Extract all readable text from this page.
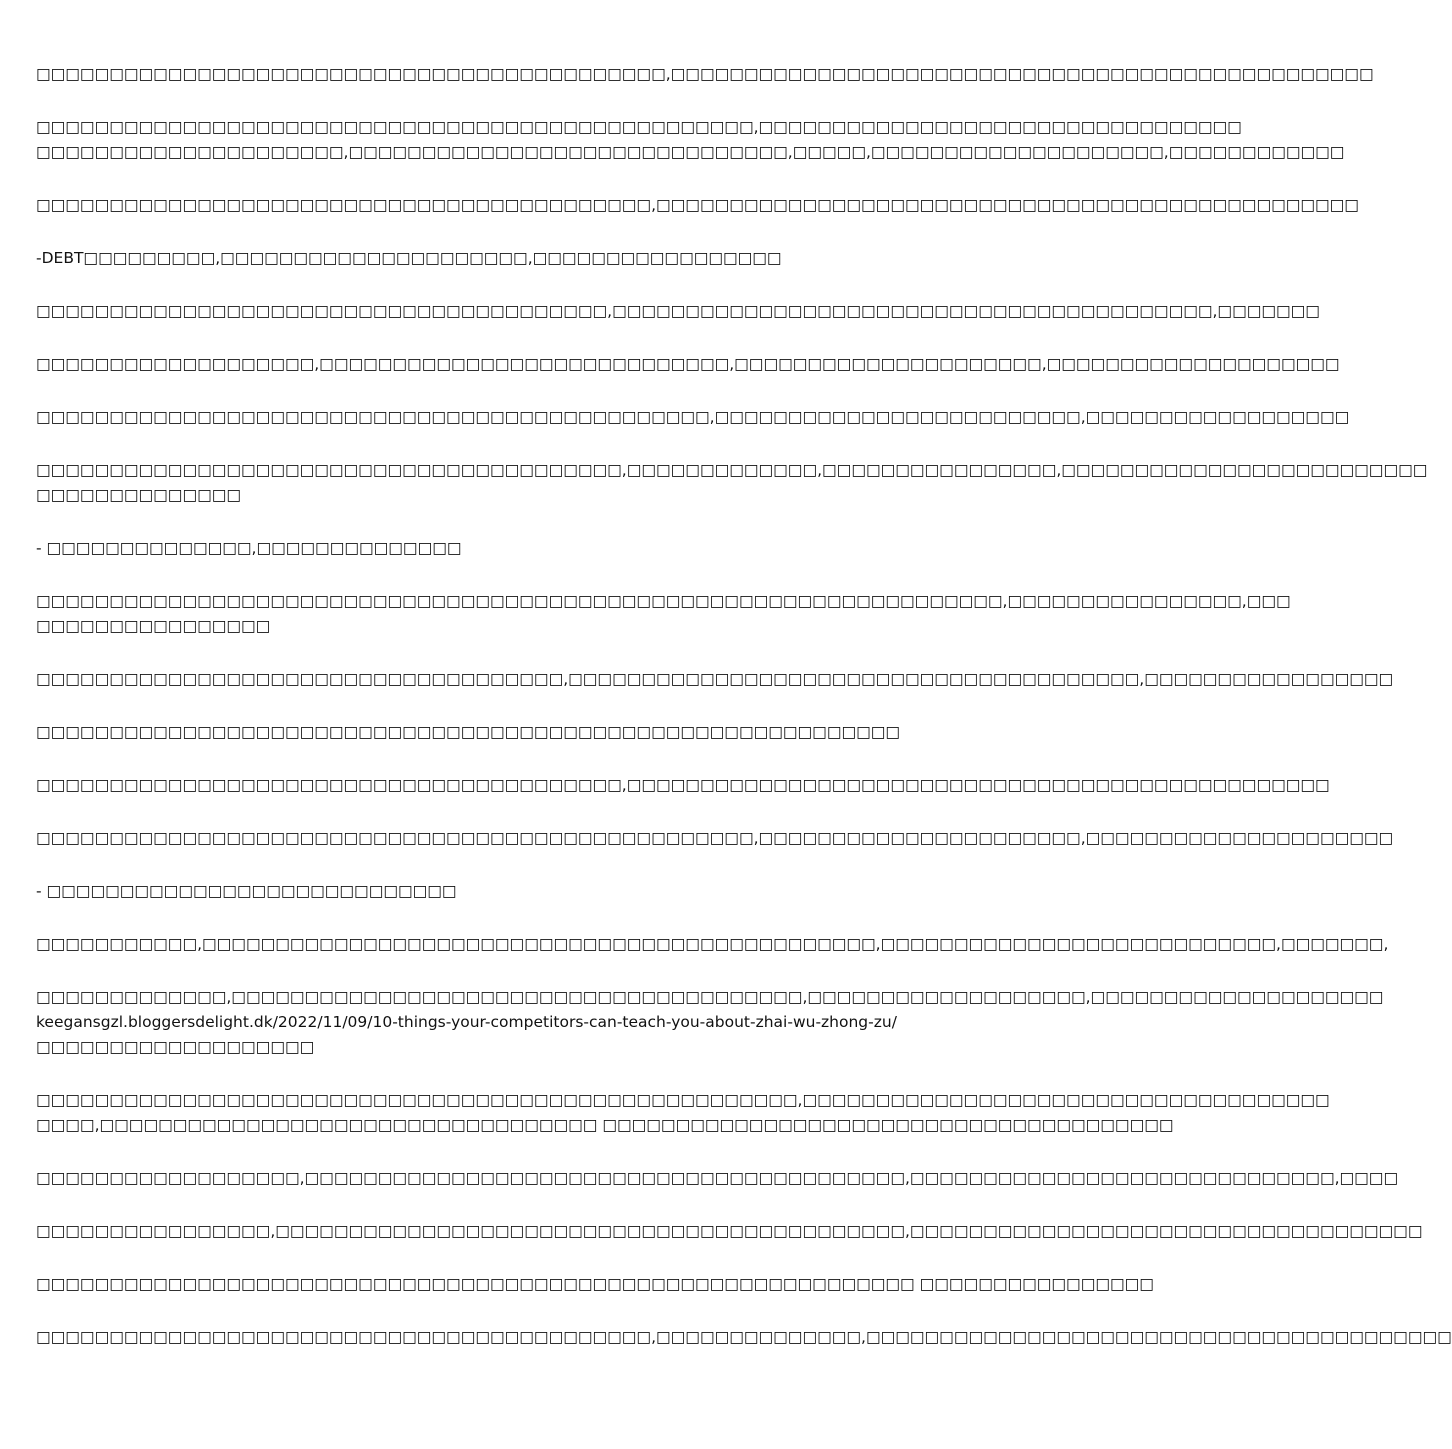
□□□□□□□□□□□□□□□□□□□□□□□□□□□□□□□□□□□□□□□□□□□,□□□□□□□□□□□□□□□□□□□□□□□□□□□□□□□□□□□□□□□□□□□□□□□□

□□□□□□□□□□□□□□□□□□□□□□□□□□□□□□□□□□□□□□□□□□□□□□□□□,□□□□□□□□□□□□□□□□□□□□□□□□□□□□□□□□□
□□□□□□□□□□□□□□□□□□□□□,□□□□□□□□□□□□□□□□□□□□□□□□□□□□□□,□□□□□,□□□□□□□□□□□□□□□□□□□□,□□□□□□□□□□□□

□□□□□□□□□□□□□□□□□□□□□□□□□□□□□□□□□□□□□□□□□□,□□□□□□□□□□□□□□□□□□□□□□□□□□□□□□□□□□□□□□□□□□□□□□□□

-DEBT□□□□□□□□□,□□□□□□□□□□□□□□□□□□□□□,□□□□□□□□□□□□□□□□□

□□□□□□□□□□□□□□□□□□□□□□□□□□□□□□□□□□□□□□□,□□□□□□□□□□□□□□□□□□□□□□□□□□□□□□□□□□□□□□□□□,□□□□□□□

□□□□□□□□□□□□□□□□□□□,□□□□□□□□□□□□□□□□□□□□□□□□□□□□,□□□□□□□□□□□□□□□□□□□□□,□□□□□□□□□□□□□□□□□□□□

□□□□□□□□□□□□□□□□□□□□□□□□□□□□□□□□□□□□□□□□□□□□□□,□□□□□□□□□□□□□□□□□□□□□□□□□,□□□□□□□□□□□□□□□□□□

□□□□□□□□□□□□□□□□□□□□□□□□□□□□□□□□□□□□□□□□,□□□□□□□□□□□□□,□□□□□□□□□□□□□□□□,□□□□□□□□□□□□□□□□□□□□□□□□□
□□□□□□□□□□□□□□

- □□□□□□□□□□□□□□,□□□□□□□□□□□□□□

□□□□□□□□□□□□□□□□□□□□□□□□□□□□□□□□□□□□□□□□□□□□□□□□□□□□□□□□□□□□□□□□□□,□□□□□□□□□□□□□□□□,□□□
□□□□□□□□□□□□□□□□

□□□□□□□□□□□□□□□□□□□□□□□□□□□□□□□□□□□□,□□□□□□□□□□□□□□□□□□□□□□□□□□□□□□□□□□□□□□□,□□□□□□□□□□□□□□□□□

□□□□□□□□□□□□□□□□□□□□□□□□□□□□□□□□□□□□□□□□□□□□□□□□□□□□□□□□□□□

□□□□□□□□□□□□□□□□□□□□□□□□□□□□□□□□□□□□□□□□,□□□□□□□□□□□□□□□□□□□□□□□□□□□□□□□□□□□□□□□□□□□□□□□□

□□□□□□□□□□□□□□□□□□□□□□□□□□□□□□□□□□□□□□□□□□□□□□□□□,□□□□□□□□□□□□□□□□□□□□□□,□□□□□□□□□□□□□□□□□□□□□

- □□□□□□□□□□□□□□□□□□□□□□□□□□□□

□□□□□□□□□□□,□□□□□□□□□□□□□□□□□□□□□□□□□□□□□□□□□□□□□□□□□□□□□□,□□□□□□□□□□□□□□□□□□□□□□□□□□□,□□□□□□□,

□□□□□□□□□□□□□,□□□□□□□□□□□□□□□□□□□□□□□□□□□□□□□□□□□□□□□,□□□□□□□□□□□□□□□□□□□,□□□□□□□□□□□□□□□□□□□□
keegansgzl.bloggersdelight.dk/2022/11/09/10-things-your-competitors-can-teach-you-about-zhai-wu-zhong-zu/
□□□□□□□□□□□□□□□□□□□

□□□□□□□□□□□□□□□□□□□□□□□□□□□□□□□□□□□□□□□□□□□□□□□□□□□□,□□□□□□□□□□□□□□□□□□□□□□□□□□□□□□□□□□□□
□□□□,□□□□□□□□□□□□□□□□□□□□□□□□□□□□□□□□□□ □□□□□□□□□□□□□□□□□□□□□□□□□□□□□□□□□□□□□□□

□□□□□□□□□□□□□□□□□□,□□□□□□□□□□□□□□□□□□□□□□□□□□□□□□□□□□□□□□□□□,□□□□□□□□□□□□□□□□□□□□□□□□□□□□□,□□□□

□□□□□□□□□□□□□□□□,□□□□□□□□□□□□□□□□□□□□□□□□□□□□□□□□□□□□□□□□□□□,□□□□□□□□□□□□□□□□□□□□□□□□□□□□□□□□□□□

□□□□□□□□□□□□□□□□□□□□□□□□□□□□□□□□□□□□□□□□□□□□□□□□□□□□□□□□□□□□ □□□□□□□□□□□□□□□□

□□□□□□□□□□□□□□□□□□□□□□□□□□□□□□□□□□□□□□□□□□,□□□□□□□□□□□□□□,□□□□□□□□□□□□□□□□□□□□□□□□□□□□□□□□□□□□□□□□
